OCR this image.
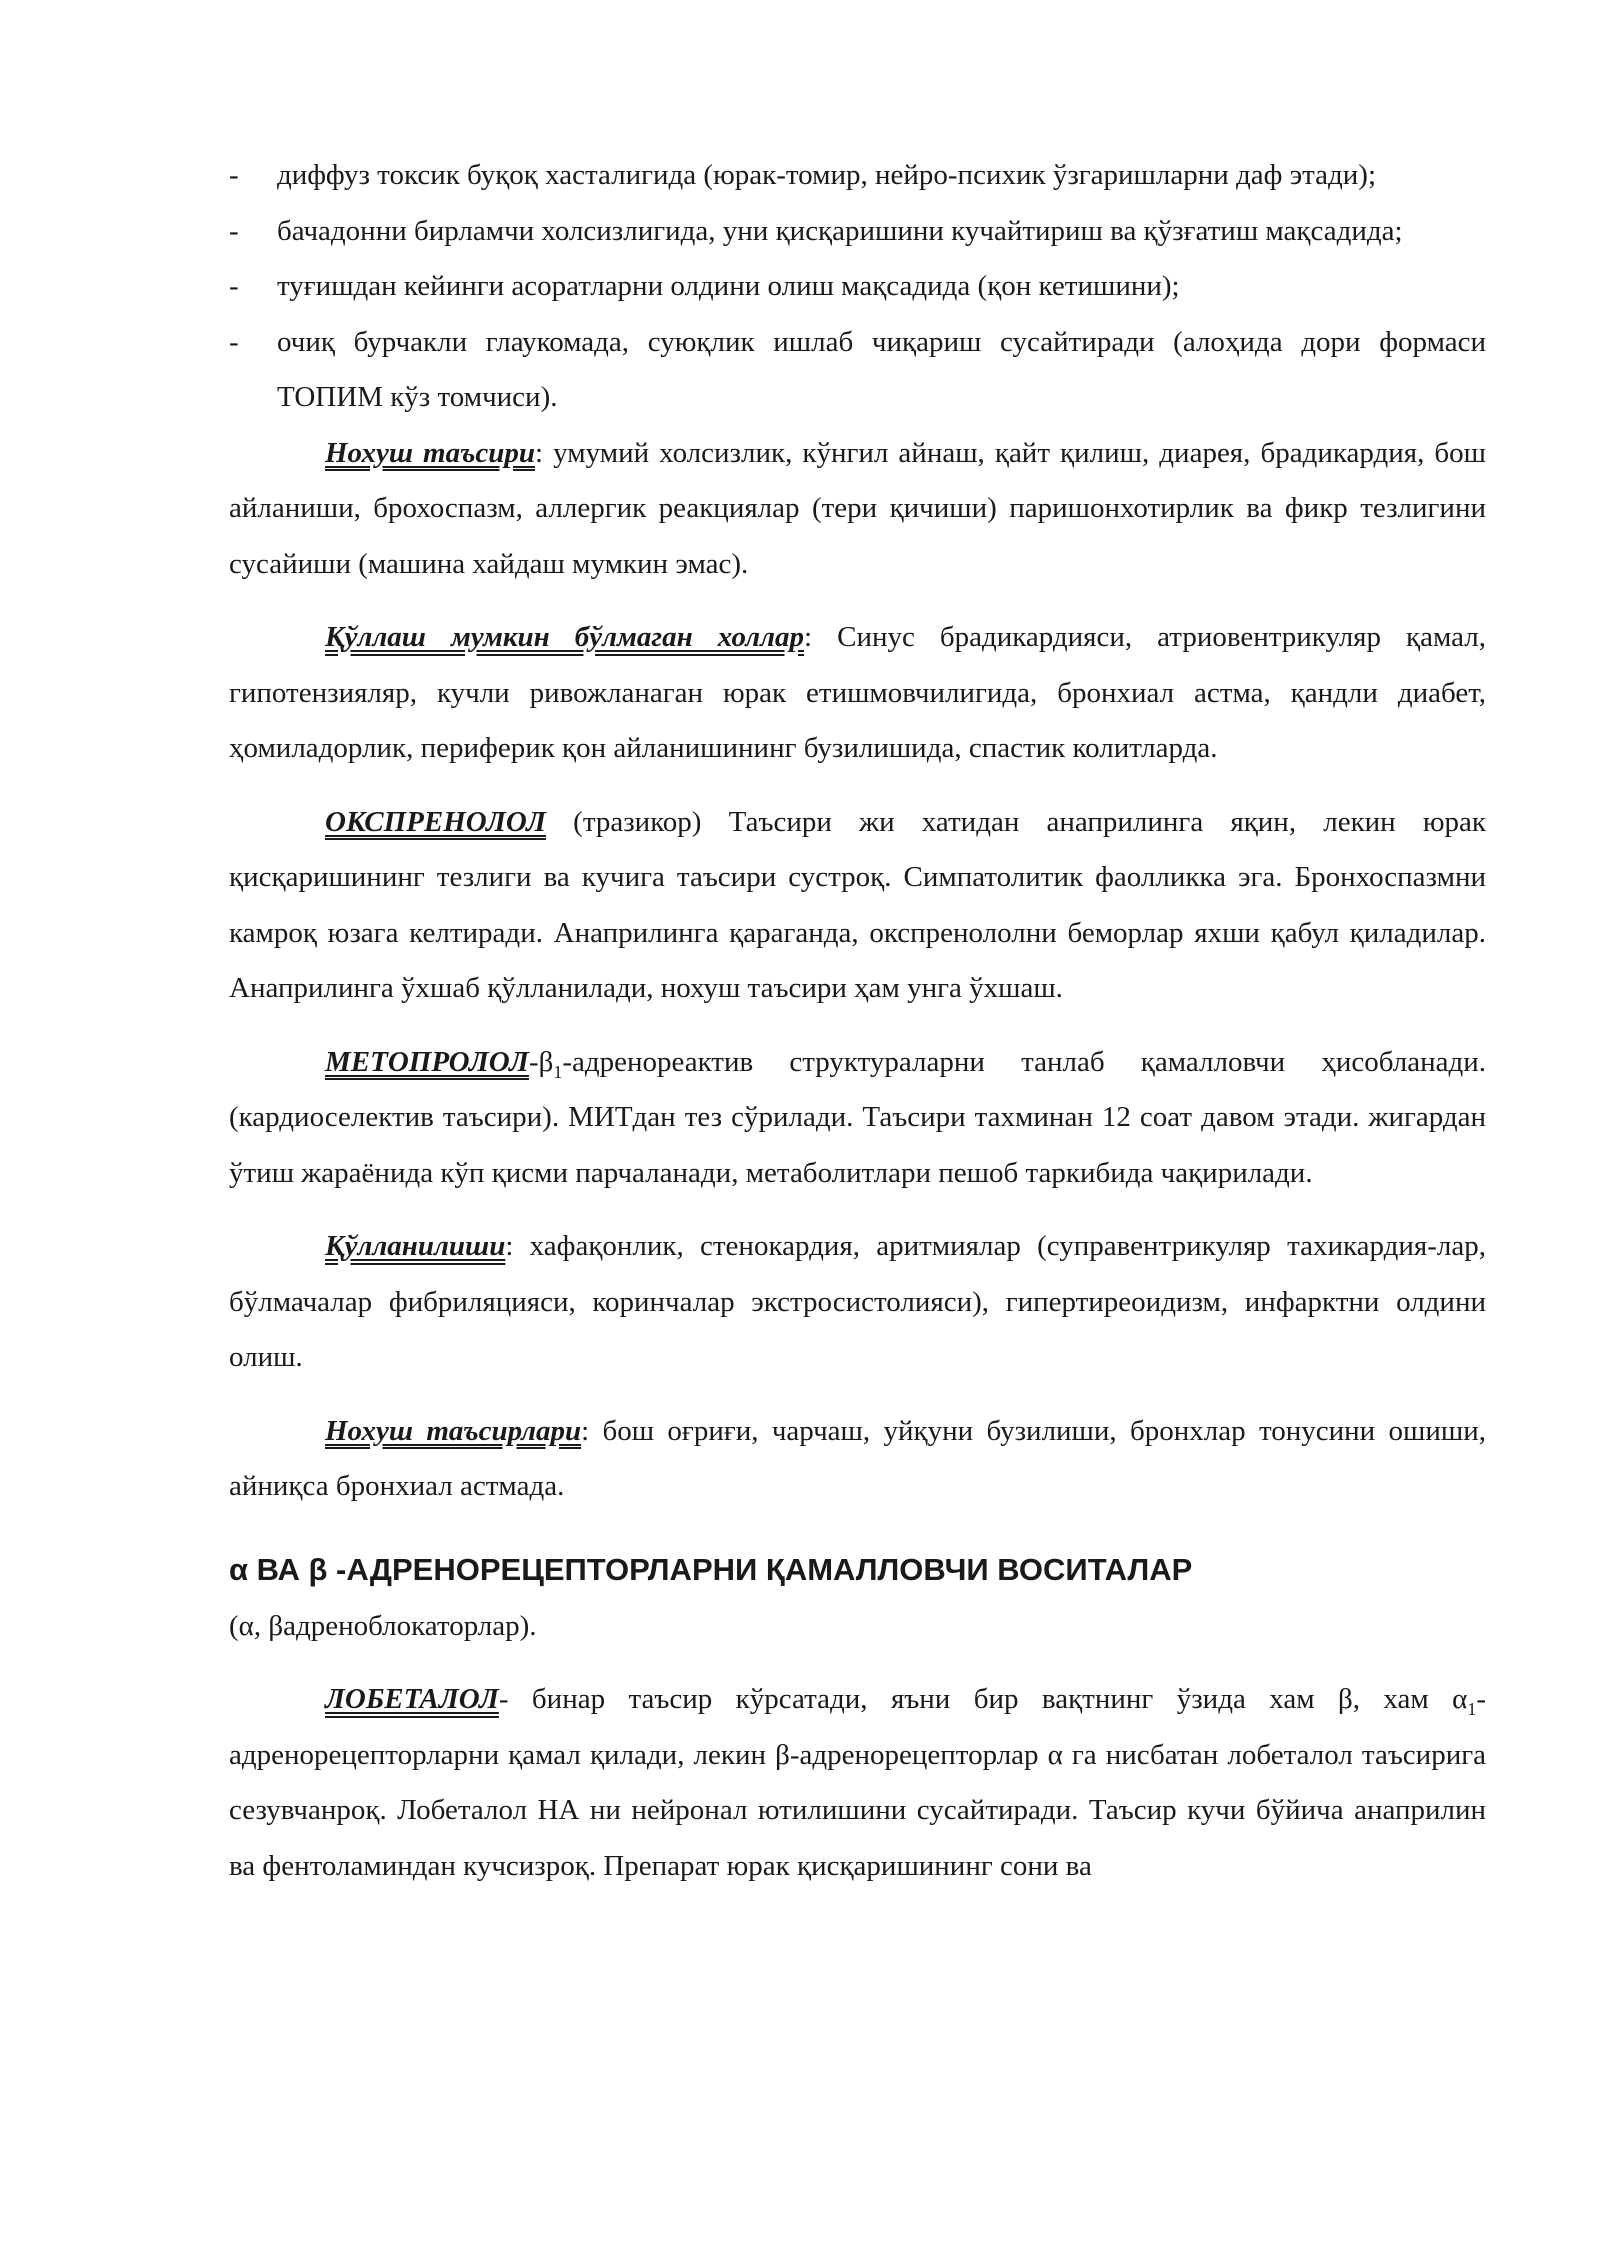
- диффуз токсик буқоқ хасталигида (юрак-томир, нейро-психик ўзгаришларни даф этади);
- бачадонни бирламчи холсизлигида, уни қисқаришини кучайтириш ва қўзғатиш мақсадида;
- туғишдан кейинги асоратларни олдини олиш мақсадида (қон кетишини);
- очиқ бурчакли глаукомада, суюқлик ишлаб чиқариш сусайтиради (алоҳида дори формаси ТОПИМ кўз томчиси).

Нохуш таъсири: умумий холсизлик, кўнгил айнаш, қайт қилиш, диарея, брадикардия, бош айланиши, брохоспазм, аллергик реакциялар (тери қичиши) паришонхотирлик ва фикр тезлигини сусайиши (машина хайдаш мумкин эмас).

Қўллаш мумкин бўлмаган холлар: Синус брадикардияси, атриовентрикуляр қамал, гипотензияляр, кучли ривожланаган юрак етишмовчилигида, бронхиал астма, қандли диабет, ҳомиладорлик, периферик қон айланишининг бузилишида, спастик колитларда.

ОКСПРЕНОЛОЛ (тразикор) Таъсири жи хатидан анаприлинга яқин, лекин юрак қисқаришининг тезлиги ва кучига таъсири сустроқ. Симпатолитик фаолликка эга. Бронхоспазмни камроқ юзага келтиради. Анаприлинга қараганда, окспренололни беморлар яхши қабул қиладилар. Анаприлинга ўхшаб қўлланилади, нохуш таъсири ҳам унга ўхшаш.

МЕТОПРОЛОЛ-$\beta_1$-адренореактив структураларни танлаб қамалловчи ҳисобланади. (кардиоселектив таъсири). МИТдан тез сўрилади. Таъсири тахминан 12 соат давом этади. жигардан ўтиш жараёнида кўп қисми парчаланади, метаболитлари пешоб таркибида чақирилади.

Қўлланилиши: хафақонлик, стенокардия, аритмиялар (суправентрикуляр тахикардия-лар, бўлмачалар фибриляцияси, коринчалар экстросистолияси), гипертиреоидизм, инфарктни олдини олиш.

Нохуш таъсирлари: бош оғриғи, чарчаш, уйқуни бузилиши, бронхлар тонусини ошиши, айниқса бронхиал астмада.

α ВА β -АДРЕНОРЕЦЕПТОРЛАРНИ ҚАМАЛЛОВЧИ ВОСИТАЛАР

(α, βадреноблокаторлар).

ЛОБЕТАЛОЛ- бинар таъсир кўрсатади, яъни бир вақтнинг ўзида хам β, хам $\alpha_1$-адренорецепторларни қамал қилади, лекин β-адренорецепторлар α га нисбатан лобеталол таъсирига сезувчанроқ. Лобеталол НА ни нейронал ютилишини сусайтиради. Таъсир кучи бўйича анаприлин ва фентоламиндан кучсизроқ. Препарат юрак қисқаришининг сони ва
